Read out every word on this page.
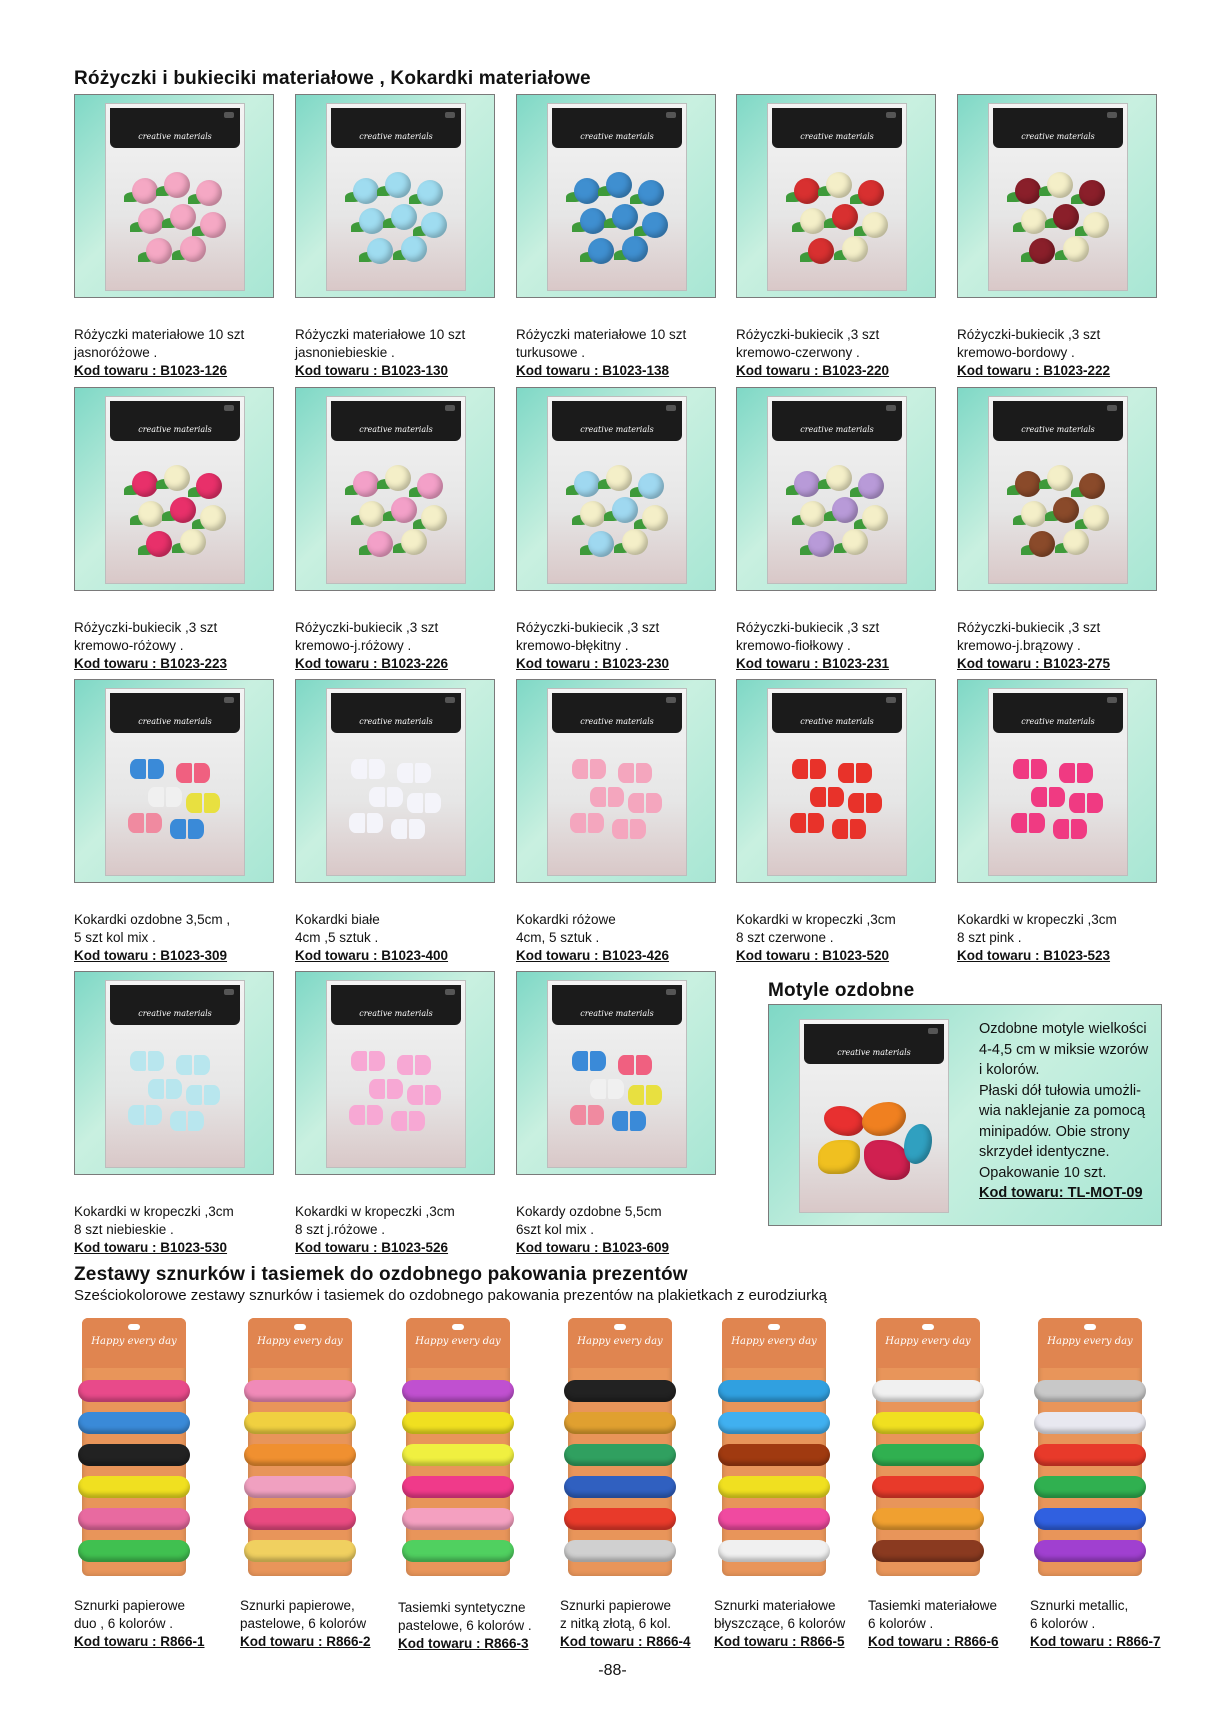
Różyczki i bukieciki materiałowe , Kokardki materiałowe
creative materials
Różyczki materiałowe 10 szt
jasnoróżowe .
Kod towaru : B1023-126
creative materials
Różyczki materiałowe 10 szt
jasnoniebieskie .
Kod towaru : B1023-130
creative materials
Różyczki materiałowe 10 szt
turkusowe .
Kod towaru : B1023-138
creative materials
Różyczki-bukiecik ,3 szt
kremowo-czerwony .
Kod towaru : B1023-220
creative materials
Różyczki-bukiecik ,3 szt
kremowo-bordowy .
Kod towaru : B1023-222
creative materials
Różyczki-bukiecik ,3 szt
kremowo-różowy .
Kod towaru : B1023-223
creative materials
Różyczki-bukiecik ,3 szt
kremowo-j.różowy .
Kod towaru : B1023-226
creative materials
Różyczki-bukiecik ,3 szt
kremowo-błękitny .
Kod towaru : B1023-230
creative materials
Różyczki-bukiecik ,3 szt
kremowo-fiołkowy .
Kod towaru : B1023-231
creative materials
Różyczki-bukiecik ,3 szt
kremowo-j.brązowy .
Kod towaru : B1023-275
creative materials
Kokardki ozdobne 3,5cm ,
5 szt kol mix .
Kod towaru : B1023-309
creative materials
Kokardki białe
4cm ,5 sztuk .
Kod towaru : B1023-400
creative materials
Kokardki różowe
4cm, 5 sztuk .
Kod towaru : B1023-426
creative materials
Kokardki w kropeczki ,3cm
8 szt czerwone .
Kod towaru : B1023-520
creative materials
Kokardki w kropeczki ,3cm
8 szt pink .
Kod towaru : B1023-523
creative materials
Kokardki w kropeczki ,3cm
8 szt niebieskie .
Kod towaru : B1023-530
creative materials
Kokardki w kropeczki ,3cm
8 szt j.różowe .
Kod towaru : B1023-526
creative materials
Kokardy ozdobne 5,5cm
6szt kol mix .
Kod towaru : B1023-609
Motyle ozdobne
creative materials
Ozdobne motyle wielkości
4-4,5 cm w miksie wzorów
i kolorów.
Płaski dół tułowia umożli-
wia naklejanie za pomocą
minipadów. Obie strony
skrzydeł identyczne.
Opakowanie 10 szt.
Kod towaru: TL-MOT-09
Zestawy sznurków i tasiemek do ozdobnego pakowania prezentów
Sześciokolorowe zestawy sznurków i tasiemek do ozdobnego pakowania prezentów na plakietkach z eurodziurką
Happy every day
Sznurki papierowe
duo , 6 kolorów .
Kod towaru : R866-1
Happy every day
Sznurki papierowe,
pastelowe, 6 kolorów
Kod towaru : R866-2
Happy every day
Tasiemki syntetyczne
pastelowe, 6 kolorów .
Kod towaru : R866-3
Happy every day
Sznurki papierowe
z nitką złotą, 6 kol.
Kod towaru : R866-4
Happy every day
Sznurki materiałowe
błyszczące, 6 kolorów
Kod towaru : R866-5
Happy every day
Tasiemki materiałowe
6 kolorów .
Kod towaru : R866-6
Happy every day
Sznurki metallic,
6 kolorów .
Kod towaru : R866-7
-88-
